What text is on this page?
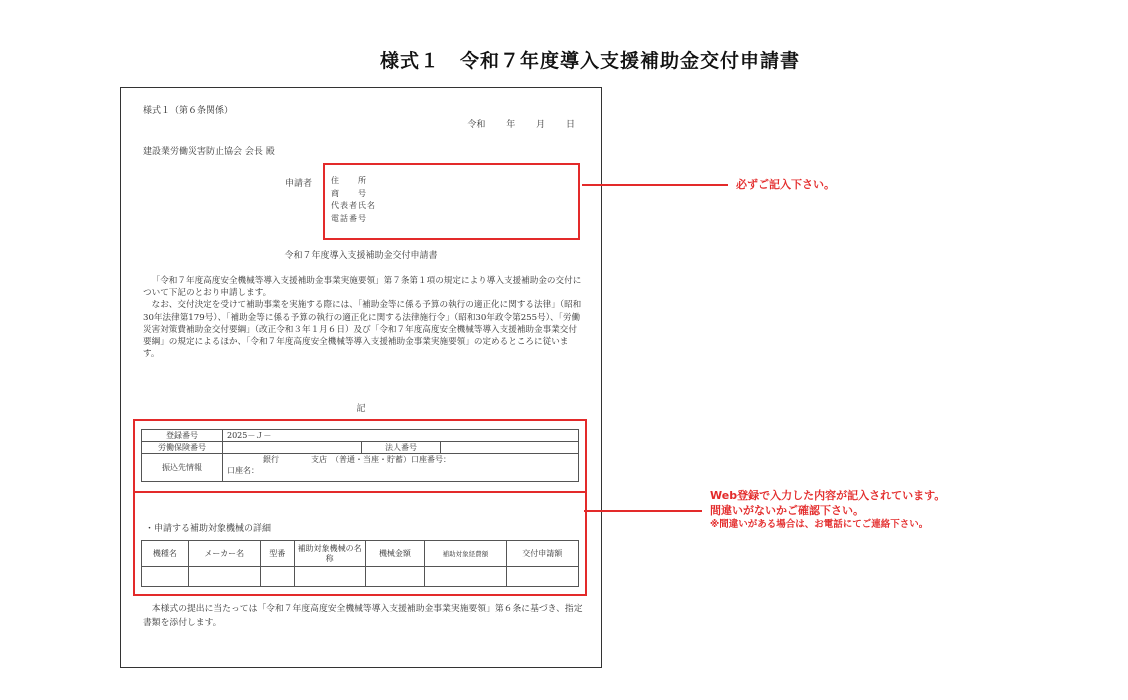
様式１　令和７年度導入支援補助金交付申請書
様式１（第６条関係）
令和 年 月 日
建設業労働災害防止協会 会長 殿
申請者 住　　所
商　　号
代表者氏名
電話番号
令和７年度導入支援補助金交付申請書

「令和７年度高度安全機械等導入支援補助金事業実施要領」第７条第１項の規定により導入支援補助金の交付について下記のとおり申請します。

なお、交付決定を受けて補助事業を実施する際には、「補助金等に係る予算の執行の適正化に関する法律」（昭和30年法律第179号）、「補助金等に係る予算の執行の適正化に関する法律施行令」（昭和30年政令第255号）、「労働災害対策費補助金交付要綱」（改正令和３年１月６日）及び「令和７年度高度安全機械等導入支援補助金事業交付要綱」の規定によるほか、「令和７年度高度安全機械等導入支援補助金事業実施要領」の定めるところに従います。

記
登録番号	2025－Ｊ－		
労働保険番号		法人番号	
振込先情報	銀行　　　　支店　（普通・当座・貯蓄）口座番号：
口座名：		
・申請する補助対象機械の詳細
機種名	メーカー名	型番	補助対象機械の名称	機械金額	補助対象経費額	交付申請額

本様式の提出に当たっては「令和７年度高度安全機械等導入支援補助金事業実施要領」第６条に基づき、指定書類を添付します。

必ずご記入下さい。
Web登録で入力した内容が記入されています。
間違いがないかご確認下さい。
※間違いがある場合は、お電話にてご連絡下さい。
